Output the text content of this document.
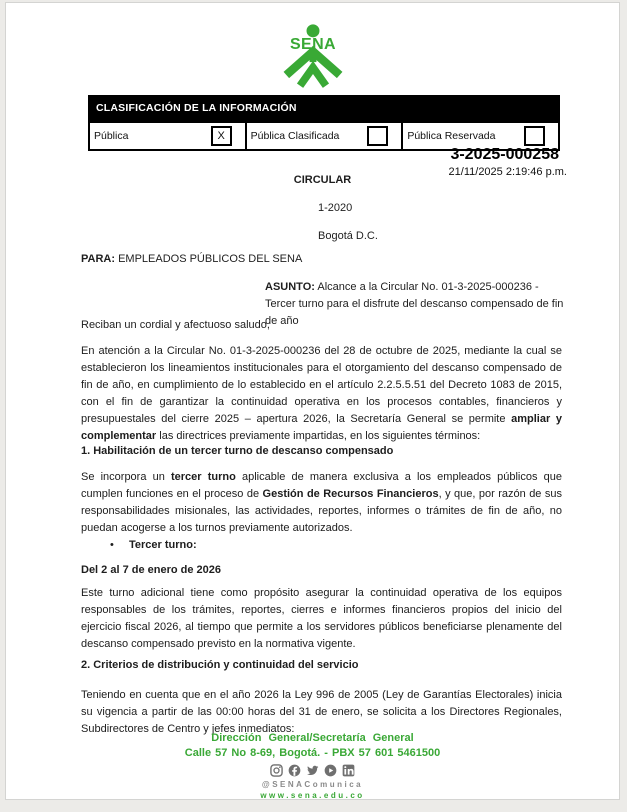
SENA
CLASIFICACIÓN DE LA INFORMACIÓN
Pública	X	Pública Clasificada	Pública Reservada
3-2025-000258
21/11/2025 2:19:46 p.m.
CIRCULAR
1-2020
Bogotá D.C.
PARA: EMPLEADOS PÚBLICOS DEL SENA
ASUNTO: Alcance a la Circular No. 01-3-2025-000236 - Tercer turno para el disfrute del descanso compensado de fin de año
Reciban un cordial y afectuoso saludo,
En atención a la Circular No. 01-3-2025-000236 del 28 de octubre de 2025, mediante la cual se establecieron los lineamientos institucionales para el otorgamiento del descanso compensado de fin de año, en cumplimiento de lo establecido en el artículo 2.2.5.5.51 del Decreto 1083 de 2015, con el fin de garantizar la continuidad operativa en los procesos contables, financieros y presupuestales del cierre 2025 – apertura 2026, la Secretaría General se permite ampliar y complementar las directrices previamente impartidas, en los siguientes términos:
1. Habilitación de un tercer turno de descanso compensado
Se incorpora un tercer turno aplicable de manera exclusiva a los empleados públicos que cumplen funciones en el proceso de Gestión de Recursos Financieros, y que, por razón de sus responsabilidades misionales, las actividades, reportes, informes o trámites de fin de año, no puedan acogerse a los turnos previamente autorizados.
• Tercer turno:
Del 2 al 7 de enero de 2026
Este turno adicional tiene como propósito asegurar la continuidad operativa de los equipos responsables de los trámites, reportes, cierres e informes financieros propios del inicio del ejercicio fiscal 2026, al tiempo que permite a los servidores públicos beneficiarse plenamente del descanso compensado previsto en la normativa vigente.
2. Criterios de distribución y continuidad del servicio
Teniendo en cuenta que en el año 2026 la Ley 996 de 2005 (Ley de Garantías Electorales) inicia su vigencia a partir de las 00:00 horas del 31 de enero, se solicita a los Directores Regionales, Subdirectores de Centro y jefes inmediatos:
Dirección General/Secretaría General
Calle 57 No 8-69, Bogotá. - PBX 57 601 5461500
@SENAComunica
www.sena.edu.co
